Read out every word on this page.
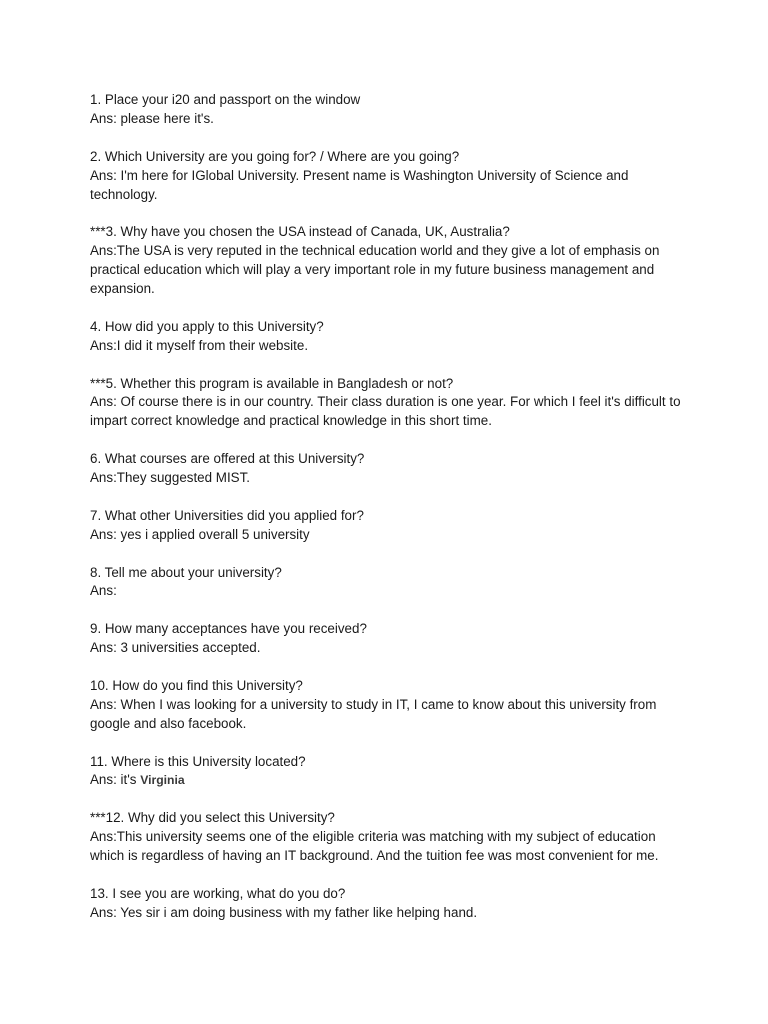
1. Place your i20 and passport on the window
Ans: please here it's.
2. Which University are you going for? / Where are you going?
Ans: I'm here for IGlobal University. Present name is Washington University of Science and technology.
***3. Why have you chosen the USA instead of Canada, UK, Australia?
Ans:The USA is very reputed in the technical education world and they give a lot of emphasis on practical education which will play a very important role in my future business management and expansion.
4. How did you apply to this University?
Ans:I did it myself from their website.
***5. Whether this program is available in Bangladesh or not?
Ans: Of course there is in our country. Their class duration is one year. For which I feel it's difficult to impart correct knowledge and practical knowledge in this short time.
6. What courses are offered at this University?
Ans:They suggested MIST.
7. What other Universities did you applied for?
Ans: yes i applied overall 5 university
8. Tell me about your university?
Ans:
9. How many acceptances have you received?
Ans: 3 universities accepted.
10. How do you find this University?
Ans: When I was looking for a university to study in IT, I came to know about this university from google and also facebook.
11. Where is this University located?
Ans: it's Virginia
***12. Why did you select this University?
Ans:This university seems one of the eligible criteria was matching with my subject of education which is regardless of having an IT background. And the tuition fee was most convenient for me.
13. I see you are working, what do you do?
Ans: Yes sir i am doing business with my father like helping hand.
